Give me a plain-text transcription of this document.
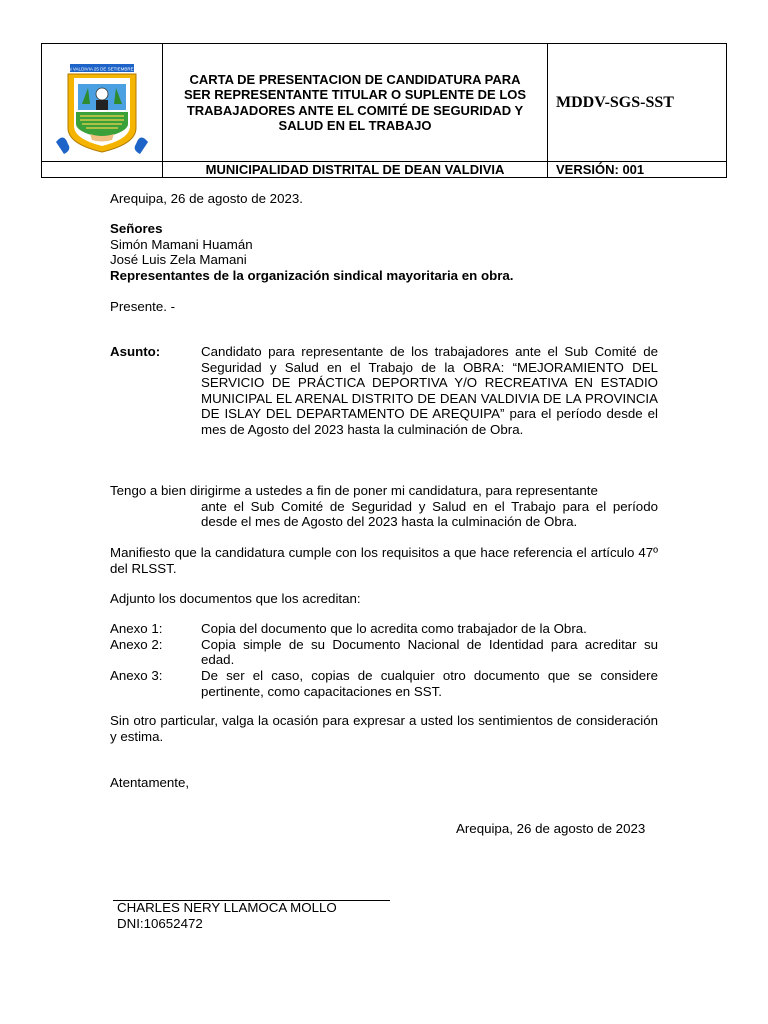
DEAN VALDIVIA 25 DE SETIEMBRE 1953	CARTA DE PRESENTACION DE CANDIDATURA PARA
SER REPRESENTANTE TITULAR O SUPLENTE DE LOS
TRABAJADORES ANTE EL COMITÉ DE SEGURIDAD Y
SALUD EN EL TRABAJO	MDDV-SGS-SST
	MUNICIPALIDAD DISTRITAL DE DEAN VALDIVIA	VERSIÓN: 001

Arequipa, 26 de agosto de 2023.

Señores

Simón Mamani Huamán

José Luis Zela Mamani

Representantes de la organización sindical mayoritaria en obra.

Presente. -

Asunto:	Candidato para representante de los trabajadores ante el Sub Comité de Seguridad y Salud en el Trabajo de la OBRA: “MEJORAMIENTO DEL SERVICIO DE PRÁCTICA DEPORTIVA Y/O RECREATIVA EN ESTADIO MUNICIPAL EL ARENAL DISTRITO DE DEAN VALDIVIA DE LA PROVINCIA DE ISLAY DEL DEPARTAMENTO DE AREQUIPA” para el período desde el mes de Agosto del 2023 hasta la culminación de Obra.

Tengo a bien dirigirme a ustedes a fin de poner mi candidatura, para representante

ante el Sub Comité de Seguridad y Salud en el Trabajo para el período desde el mes de Agosto del 2023 hasta la culminación de Obra.

Manifiesto que la candidatura cumple con los requisitos a que hace referencia el artículo 47º del RLSST.

Adjunto los documentos que los acreditan:

Anexo 1:	Copia del documento que lo acredita como trabajador de la Obra.

Anexo 2:	Copia simple de su Documento Nacional de Identidad para acreditar su edad.

Anexo 3:	De ser el caso, copias de cualquier otro documento que se considere pertinente, como capacitaciones en SST.

Sin otro particular, valga la ocasión para expresar a usted los sentimientos de consideración y estima.

Atentamente,

Arequipa, 26 de agosto de 2023

CHARLES NERY LLAMOCA MOLLO

DNI:10652472
